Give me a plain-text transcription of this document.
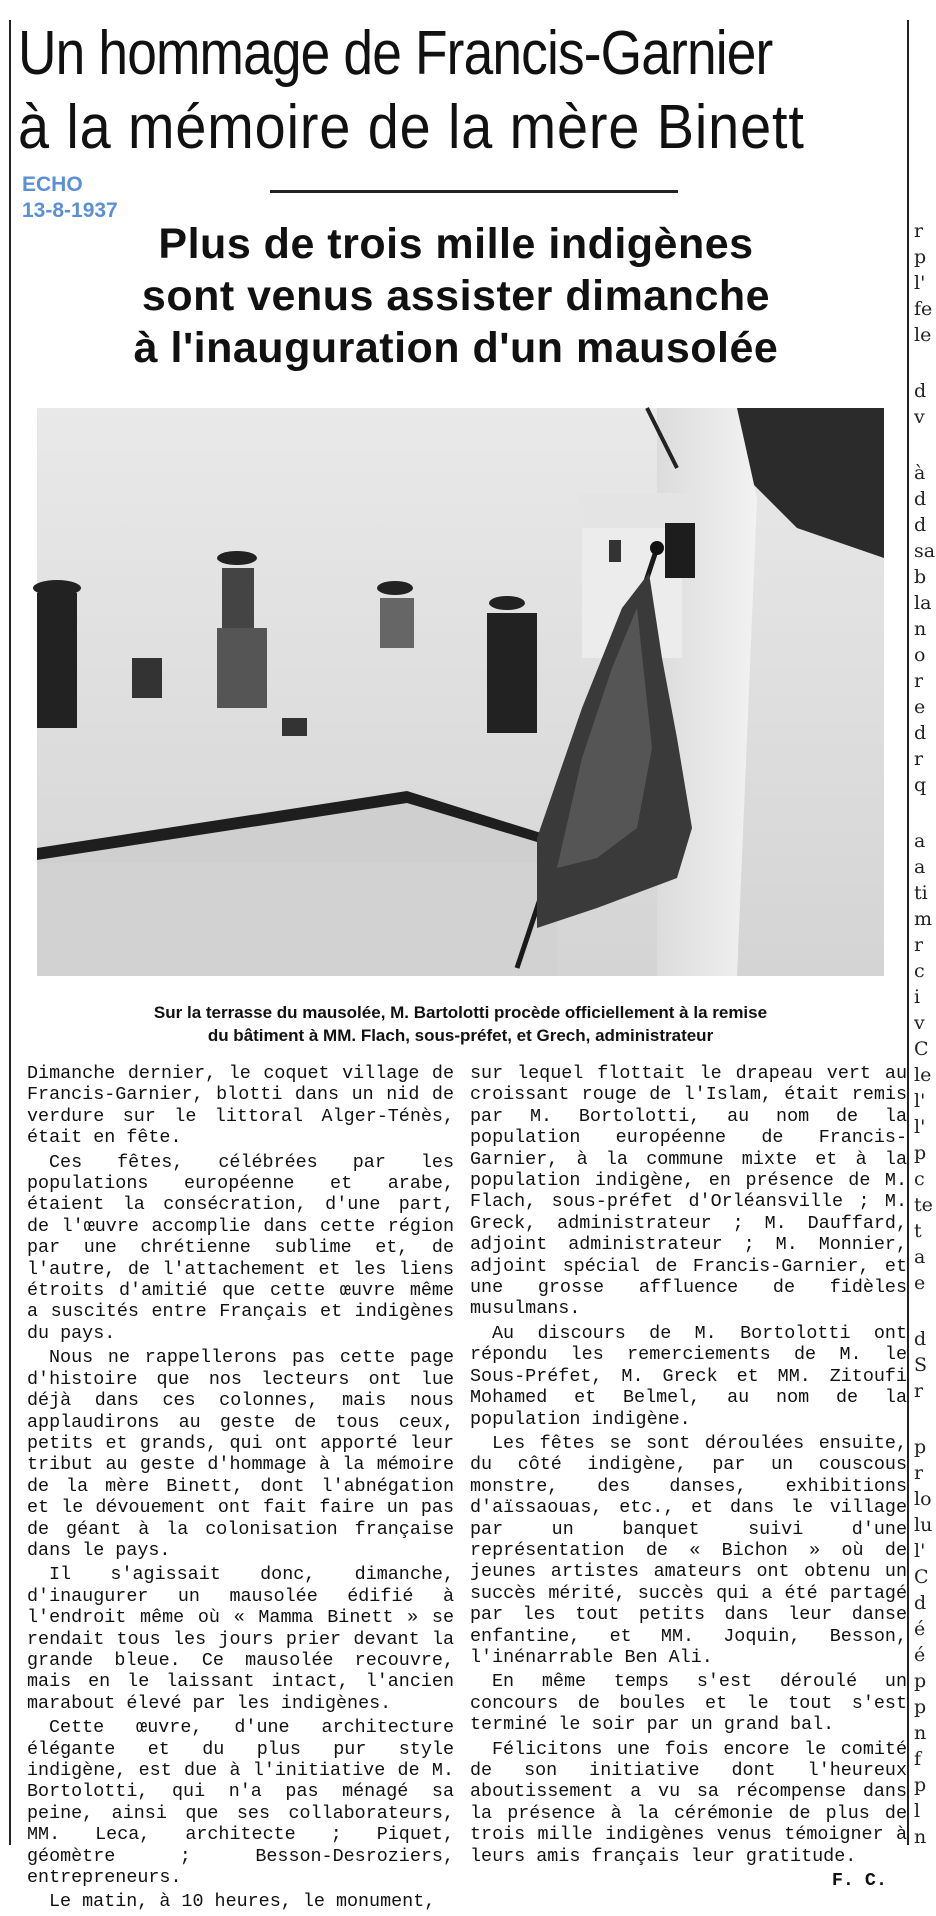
Un hommage de Francis-Garnier
à la mémoire de la mère Binett
ECHO
13-8-1937
Plus de trois mille indigènes
sont venus assister dimanche
à l'inauguration d'un mausolée
Sur la terrasse du mausolée, M. Bartolotti procède officiellement à la remise
du bâtiment à MM. Flach, sous-préfet, et Grech, administrateur

Dimanche dernier, le coquet village de Francis-Garnier, blotti dans un nid de verdure sur le littoral Alger-Ténès, était en fête.

Ces fêtes, célébrées par les populations européenne et arabe, étaient la consécration, d'une part, de l'œuvre accomplie dans cette région par une chrétienne sublime et, de l'autre, de l'attachement et les liens étroits d'amitié que cette œuvre même a suscités entre Français et indigènes du pays.

Nous ne rappellerons pas cette page d'histoire que nos lecteurs ont lue déjà dans ces colonnes, mais nous applaudirons au geste de tous ceux, petits et grands, qui ont apporté leur tribut au geste d'hommage à la mémoire de la mère Binett, dont l'abnégation et le dévouement ont fait faire un pas de géant à la colonisation française dans le pays.

Il s'agissait donc, dimanche, d'inaugurer un mausolée édifié à l'endroit même où « Mamma Binett » se rendait tous les jours prier devant la grande bleue. Ce mausolée recouvre, mais en le laissant intact, l'ancien marabout élevé par les indigènes.

Cette œuvre, d'une architecture élégante et du plus pur style indigène, est due à l'initiative de M. Bortolotti, qui n'a pas ménagé sa peine, ainsi que ses collaborateurs, MM. Leca, architecte ; Piquet, géomètre ; Besson-Desroziers, entrepreneurs.

Le matin, à 10 heures, le monument,

sur lequel flottait le drapeau vert au croissant rouge de l'Islam, était remis par M. Bortolotti, au nom de la population européenne de Francis-Garnier, à la commune mixte et à la population indigène, en présence de M. Flach, sous-préfet d'Orléansville ; M. Greck, administrateur ; M. Dauffard, adjoint administrateur ; M. Monnier, adjoint spécial de Francis-Garnier, et une grosse affluence de fidèles musulmans.

Au discours de M. Bortolotti ont répondu les remerciements de M. le Sous-Préfet, M. Greck et MM. Zitoufi Mohamed et Belmel, au nom de la population indigène.

Les fêtes se sont déroulées ensuite, du côté indigène, par un couscous monstre, des danses, exhibitions d'aïssaouas, etc., et dans le village par un banquet suivi d'une représentation de « Bichon » où de jeunes artistes amateurs ont obtenu un succès mérité, succès qui a été partagé par les tout petits dans leur danse enfantine, et MM. Joquin, Besson, l'inénarrable Ben Ali.

En même temps s'est déroulé un concours de boules et le tout s'est terminé le soir par un grand bal.

Félicitons une fois encore le comité de son initiative dont l'heureux aboutissement a vu sa récompense dans la présence à la cérémonie de plus de trois mille indigènes venus témoigner à leurs amis français leur gratitude.

F. C.
r
p
l'
fe
le
d
v
à
d
d
sa
b
la
n
o
r
e
d
r
q
a
a
ti
m
r
c
i
v
C
le
l'
l'
p
c
te
t
a
e
d
S
r
p
r
lo
lu
l'
C
d
é
é
p
p
n
f
p
l
n
